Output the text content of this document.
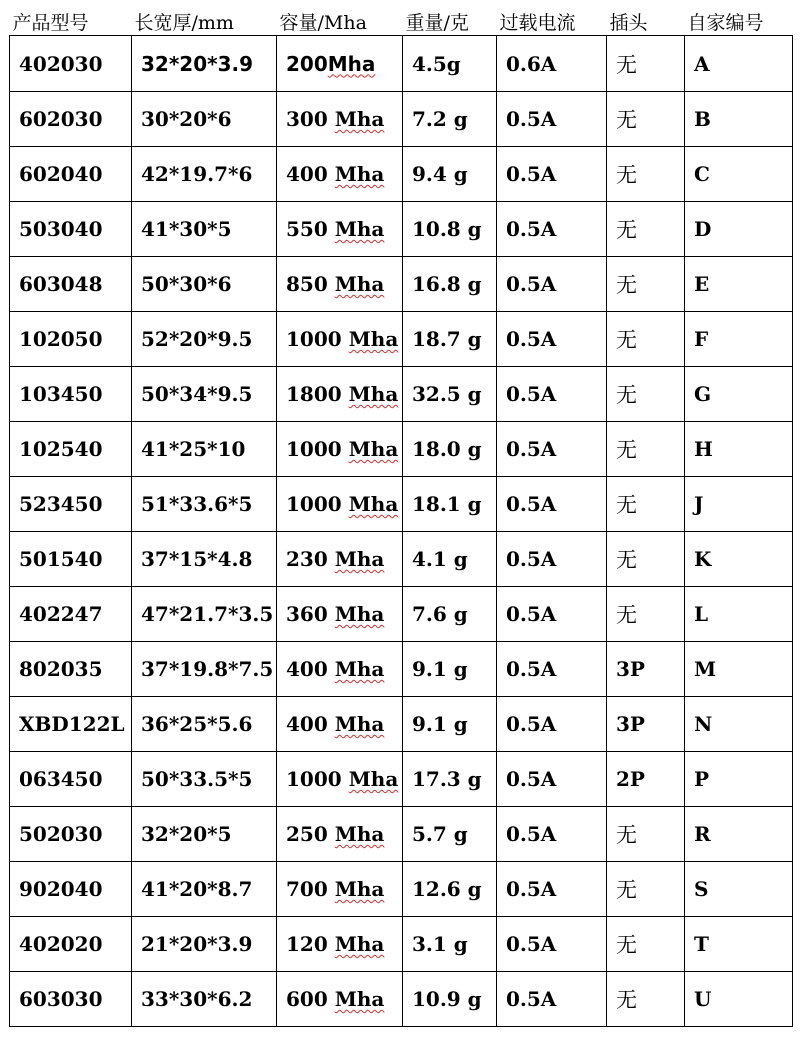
产品型号	长宽厚/mm	容量/Mha	重量/克	过载电流	插头	自家编号
402030	32*20*3.9	200Mha	4.5g	0.6A	无	A
602030	30*20*6	300 Mha	7.2 g	0.5A	无	B
602040	42*19.7*6	400 Mha	9.4 g	0.5A	无	C
503040	41*30*5	550 Mha	10.8 g	0.5A	无	D
603048	50*30*6	850 Mha	16.8 g	0.5A	无	E
102050	52*20*9.5	1000 Mha	18.7 g	0.5A	无	F
103450	50*34*9.5	1800 Mha	32.5 g	0.5A	无	G
102540	41*25*10	1000 Mha	18.0 g	0.5A	无	H
523450	51*33.6*5	1000 Mha	18.1 g	0.5A	无	J
501540	37*15*4.8	230 Mha	4.1 g	0.5A	无	K
402247	47*21.7*3.5	360 Mha	7.6 g	0.5A	无	L
802035	37*19.8*7.5	400 Mha	9.1 g	0.5A	3P	M
XBD122L	36*25*5.6	400 Mha	9.1 g	0.5A	3P	N
063450	50*33.5*5	1000 Mha	17.3 g	0.5A	2P	P
502030	32*20*5	250 Mha	5.7 g	0.5A	无	R
902040	41*20*8.7	700 Mha	12.6 g	0.5A	无	S
402020	21*20*3.9	120 Mha	3.1 g	0.5A	无	T
603030	33*30*6.2	600 Mha	10.9 g	0.5A	无	U
